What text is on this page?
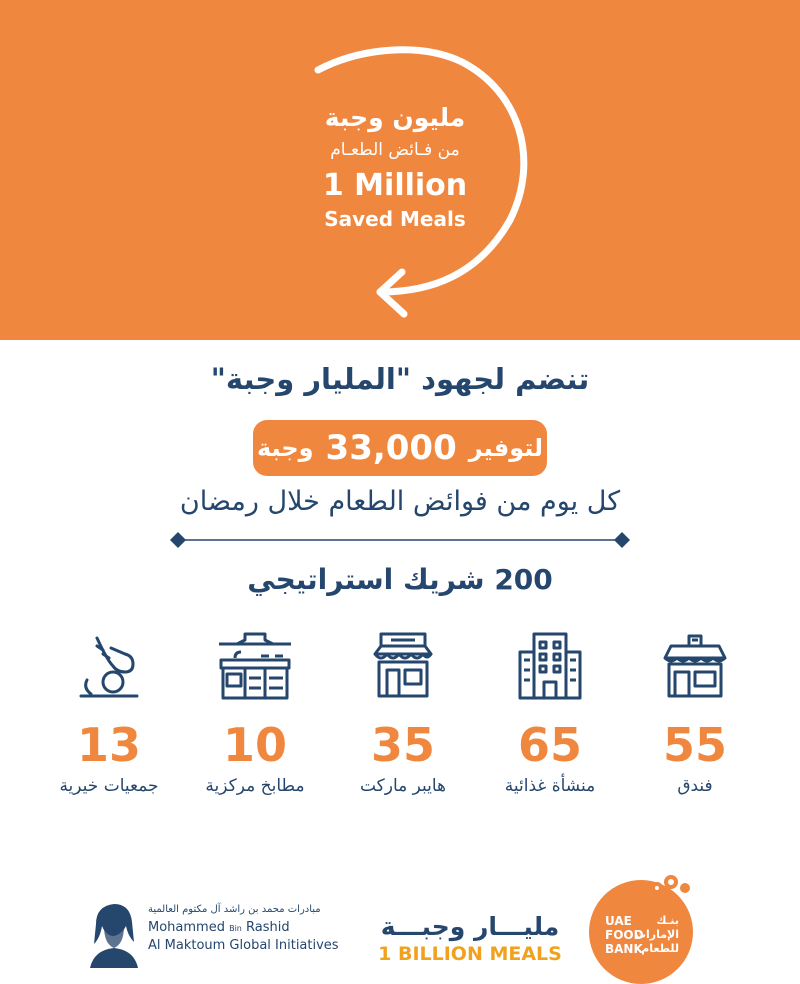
مليون وجبة
من فـائض الطعـام
1 Million
Saved Meals
تنضم لجهود "المليار وجبة"
لتوفير
33,000
وجبة
كل يوم من فوائض الطعام خلال رمضان
200 شريك استراتيجي
55
فندق
65
منشأة غذائية
35
هايبر ماركت
10
مطابخ مركزية
13
جمعيات خيرية
مبادرات محمد بن راشد آل مكتوم العالمية
Mohammed Bin Rashid
Al Maktoum Global Initiatives
مليـــار وجبـــة
1 BILLION MEALS
UAE
FOOD
BANK
بنـك
الإمارات
للطعام
